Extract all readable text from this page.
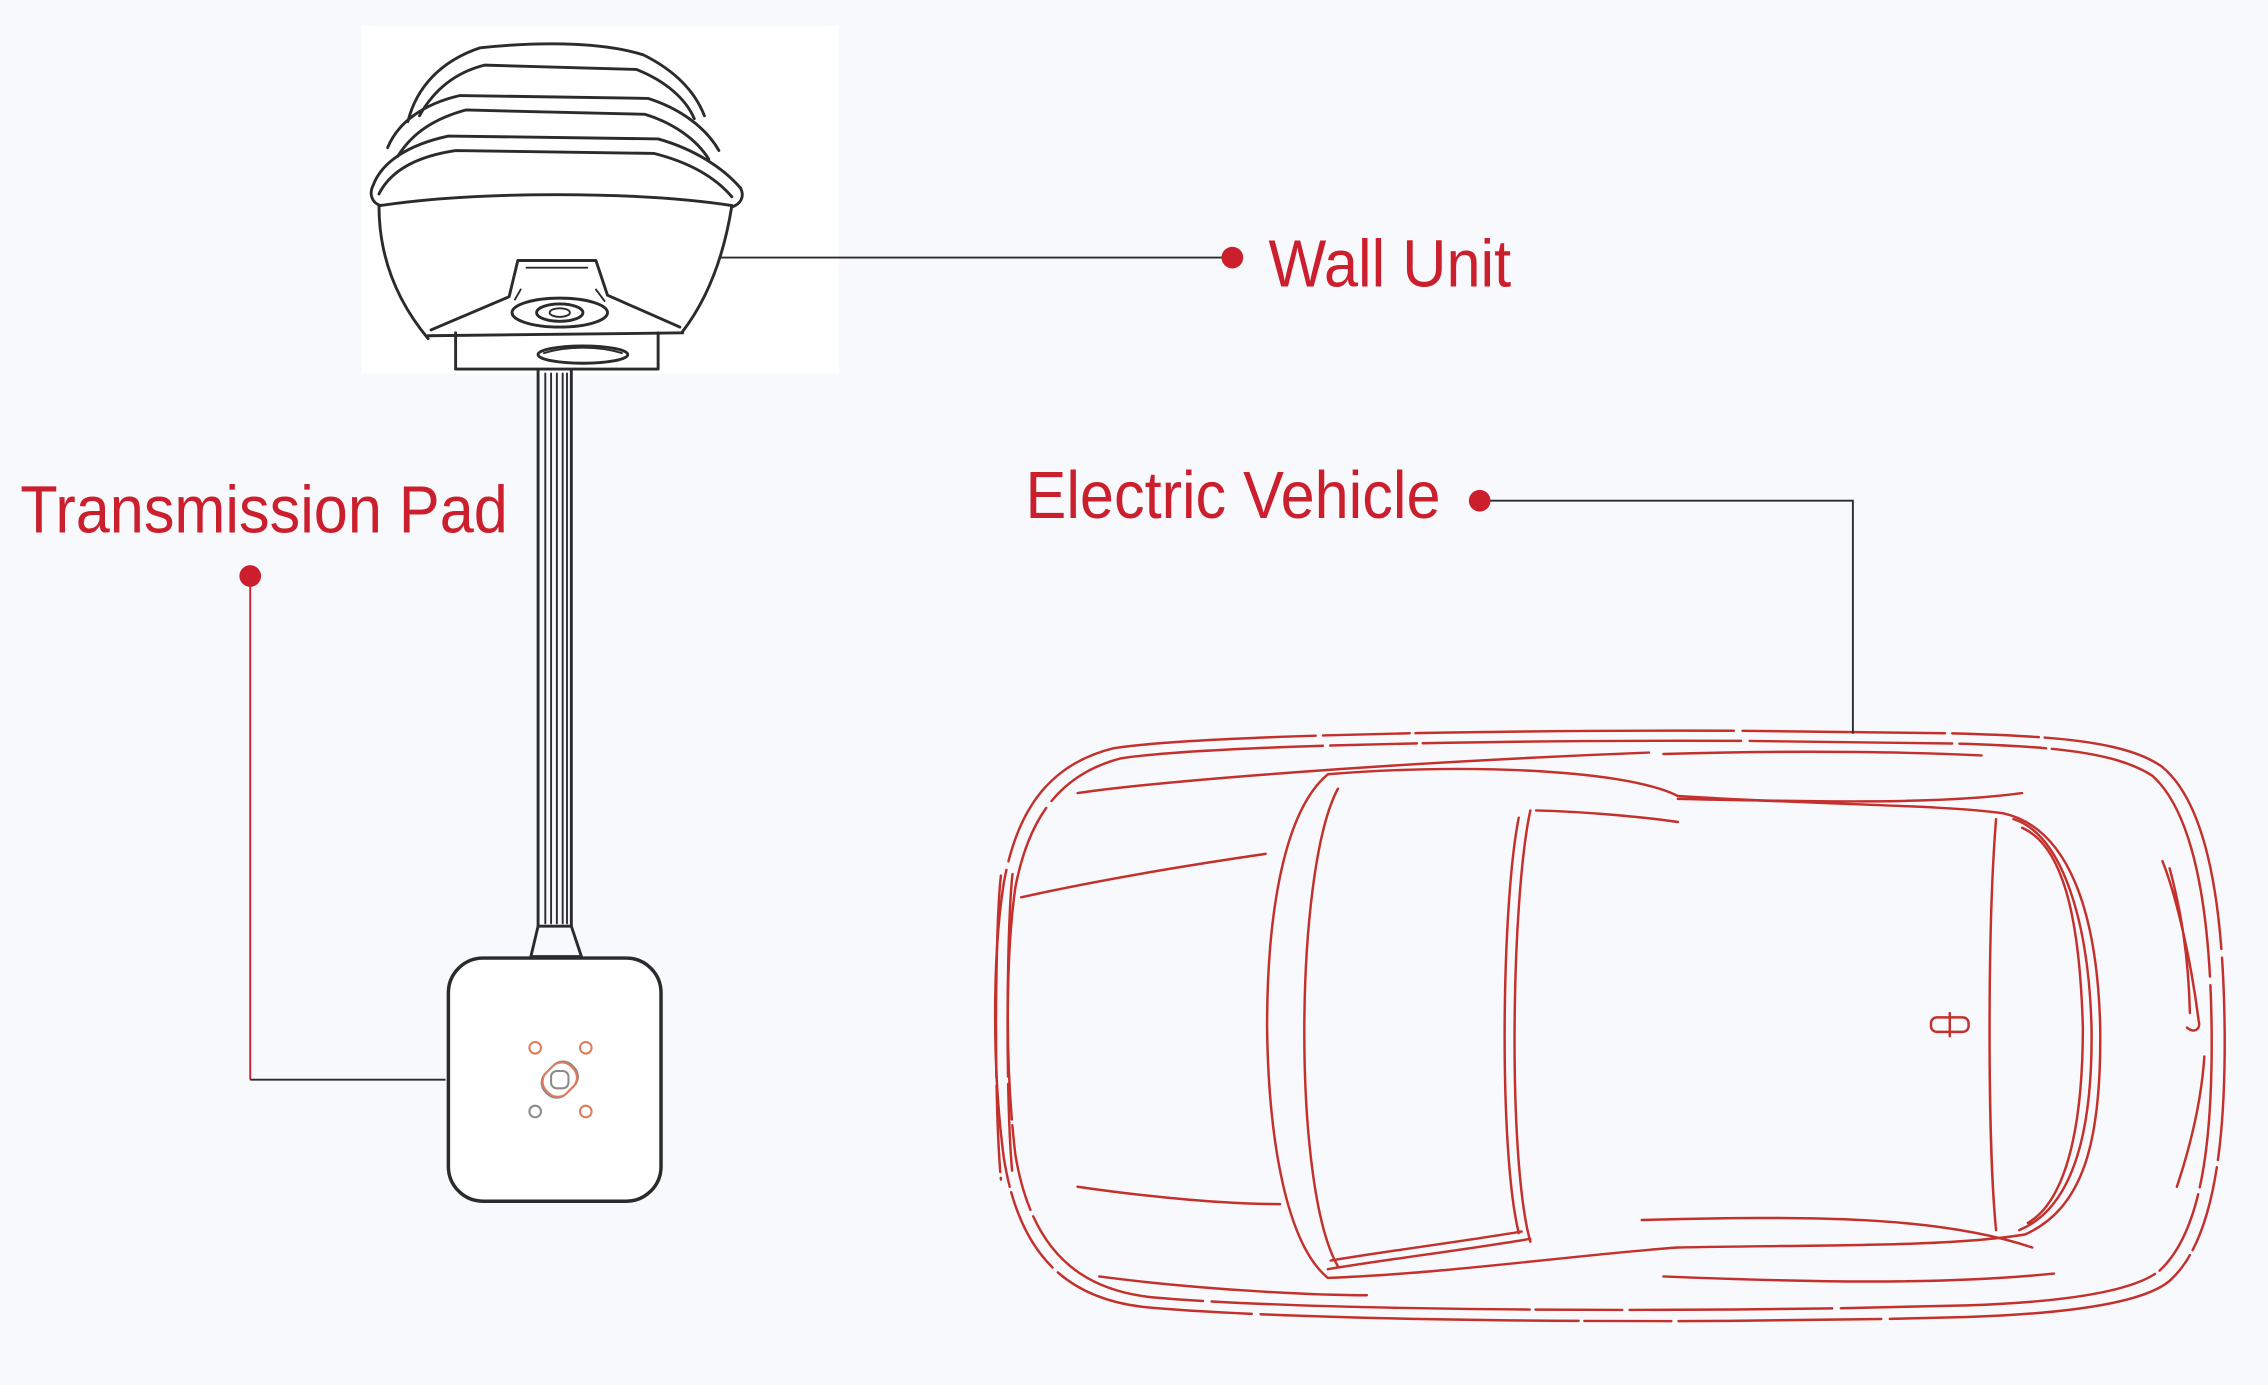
Wall Unit
Transmission Pad	Electric Vehicle
